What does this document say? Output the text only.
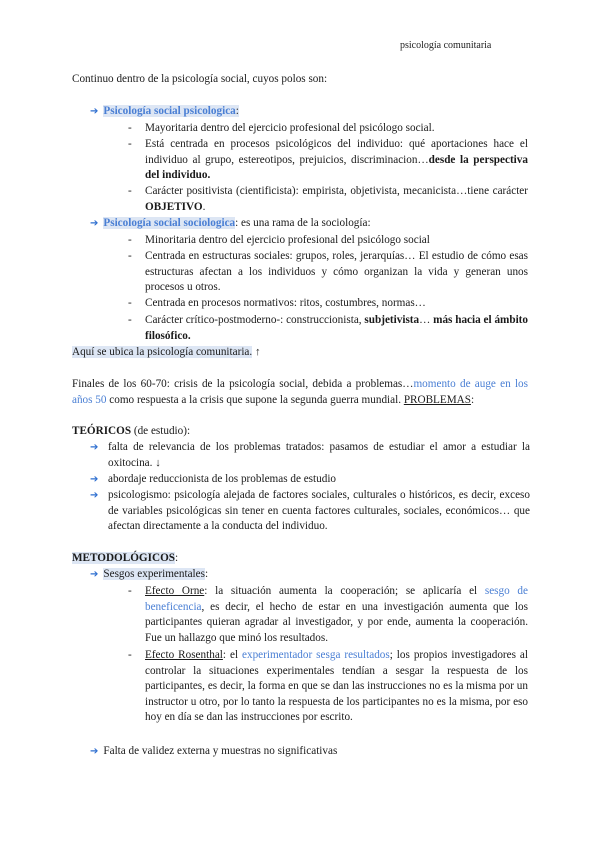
psicología comunitaria
Continuo dentro de la psicología social, cuyos polos son:
➔ Psicología social psicologica:
- Mayoritaria dentro del ejercicio profesional del psicólogo social.
- Está centrada en procesos psicológicos del individuo: qué aportaciones hace el individuo al grupo, estereotipos, prejuicios, discriminacion…desde la perspectiva del individuo.
- Carácter positivista (cientificista): empirista, objetivista, mecanicista…tiene carácter OBJETIVO.
➔ Psicología social sociologica: es una rama de la sociología:
- Minoritaria dentro del ejercicio profesional del psicólogo social
- Centrada en estructuras sociales: grupos, roles, jerarquías… El estudio de cómo esas estructuras afectan a los individuos y cómo organizan la vida y generan unos procesos u otros.
- Centrada en procesos normativos: ritos, costumbres, normas…
- Carácter crítico-postmoderno-: construccionista, subjetivista… más hacia el ámbito filosófico.
Aquí se ubica la psicología comunitaria. ↑
Finales de los 60-70: crisis de la psicología social, debida a problemas…momento de auge en los años 50 como respuesta a la crisis que supone la segunda guerra mundial. PROBLEMAS:
TEÓRICOS (de estudio):
➔ falta de relevancia de los problemas tratados: pasamos de estudiar el amor a estudiar la oxitocina. ↓
➔ abordaje reduccionista de los problemas de estudio
➔ psicologismo: psicología alejada de factores sociales, culturales o históricos, es decir, exceso de variables psicológicas sin tener en cuenta factores culturales, sociales, económicos… que afectan directamente a la conducta del individuo.
METODOLÓGICOS:
➔ Sesgos experimentales:
- Efecto Orne: la situación aumenta la cooperación; se aplicaría el sesgo de beneficencia, es decir, el hecho de estar en una investigación aumenta que los participantes quieran agradar al investigador, y por ende, aumenta la cooperación. Fue un hallazgo que minó los resultados.
- Efecto Rosenthal: el experimentador sesga resultados; los propios investigadores al controlar la situaciones experimentales tendían a sesgar la respuesta de los participantes, es decir, la forma en que se dan las instrucciones no es la misma por un instructor u otro, por lo tanto la respuesta de los participantes no es la misma, por eso hoy en día se dan las instrucciones por escrito.
➔ Falta de validez externa y muestras no significativas
